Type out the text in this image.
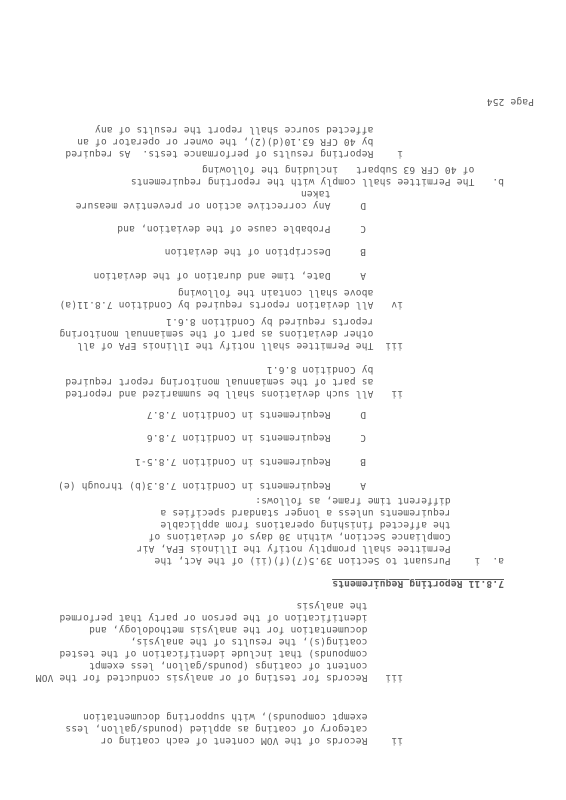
Page 254
ii    Records of the VOM content of each coating or
category of coating as applied (pounds/gallon, less
exempt compounds), with supporting documentation
iii   Records for testing of or analysis conducted for the VOM
content of coatings (pounds/gallon, less exempt
compounds) that include identification of the tested
coating(s), the results of the analysis,
documentation for the analysis methodology, and
identification of the person or party that performed
the analysis
7.8.11 Reporting Requirements
a.  i    Pursuant to Section 39.5(7)(f)(ii) of the Act, the
Permittee shall promptly notify the Illinois EPA, Air
Compliance Section, within 30 days of deviations of
the affected finishing operations from applicable
requirements unless a longer standard specifies a
different time frame, as follows:
A     Requirements in Condition 7.8.3(b) through (e)
B     Requirements in Condition 7.8.5-1
C     Requirements in Condition 7.8.6
D     Requirements in Condition 7.8.7
ii   All such deviations shall be summarized and reported
as part of the semiannual monitoring report required
by Condition 8.6.1
iii  The Permittee shall notify the Illinois EPA of all
other deviations as part of the semiannual monitoring
reports required by Condition 8.6.1
iv   All deviation reports required by Condition 7.8.11(a)
above shall contain the following
A     Date, time and duration of the deviation
B     Description of the deviation
C     Probable cause of the deviation, and
D     Any corrective action or preventive measure
taken
b.   The Permittee shall comply with the reporting requirements
of 40 CFR 63 Subpart   including the following
i    Reporting results of performance tests.  As required
by 40 CFR 63.10(d)(2), the owner or operator of an
affected source shall report the results of any
